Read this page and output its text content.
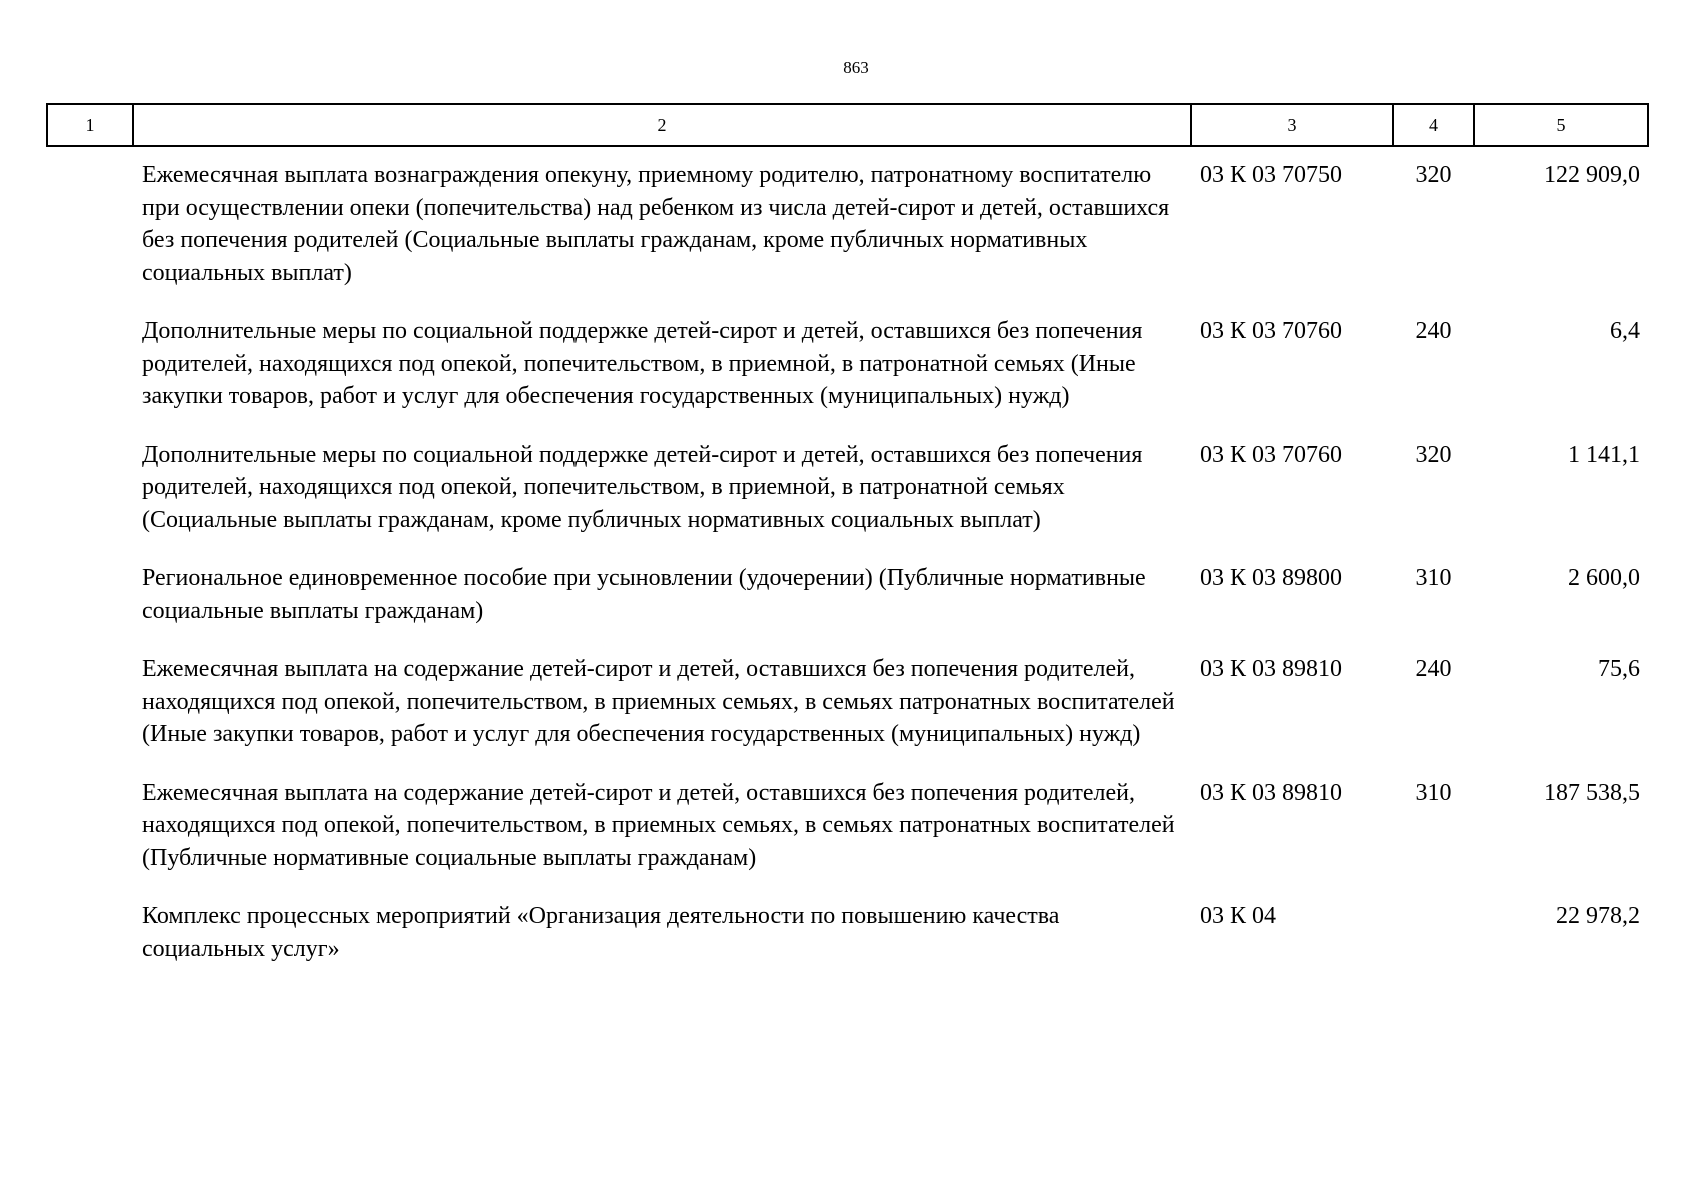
863
1	2	3	4	5
	Ежемесячная выплата вознаграждения опекуну, приемному родителю, патронатному воспитателю при осуществлении опеки (попечительства) над ребенком из числа детей-сирот и детей, оставшихся без попечения родителей (Социальные выплаты гражданам, кроме публичных нормативных социальных выплат)	03 К 03 70750	320	122 909,0
	Дополнительные меры по социальной поддержке детей-сирот и детей, оставшихся без попечения родителей, находящихся под опекой, попечительством, в приемной, в патронатной семьях (Иные закупки товаров, работ и услуг для обеспечения государственных (муниципальных) нужд)	03 К 03 70760	240	6,4
	Дополнительные меры по социальной поддержке детей-сирот и детей, оставшихся без попечения родителей, находящихся под опекой, попечительством, в приемной, в патронатной семьях (Социальные выплаты гражданам, кроме публичных нормативных социальных выплат)	03 К 03 70760	320	1 141,1
	Региональное единовременное пособие при усыновлении (удочерении) (Публичные нормативные социальные выплаты гражданам)	03 К 03 89800	310	2 600,0
	Ежемесячная выплата на содержание детей-сирот и детей, оставшихся без попечения родителей, находящихся под опекой, попечительством, в приемных семьях, в семьях патронатных воспитателей (Иные закупки товаров, работ и услуг для обеспечения государственных (муниципальных) нужд)	03 К 03 89810	240	75,6
	Ежемесячная выплата на содержание детей-сирот и детей, оставшихся без попечения родителей, находящихся под опекой, попечительством, в приемных семьях, в семьях патронатных воспитателей (Публичные нормативные социальные выплаты гражданам)	03 К 03 89810	310	187 538,5
	Комплекс процессных мероприятий «Организация деятельности по повышению качества социальных услуг»	03 К 04		22 978,2
